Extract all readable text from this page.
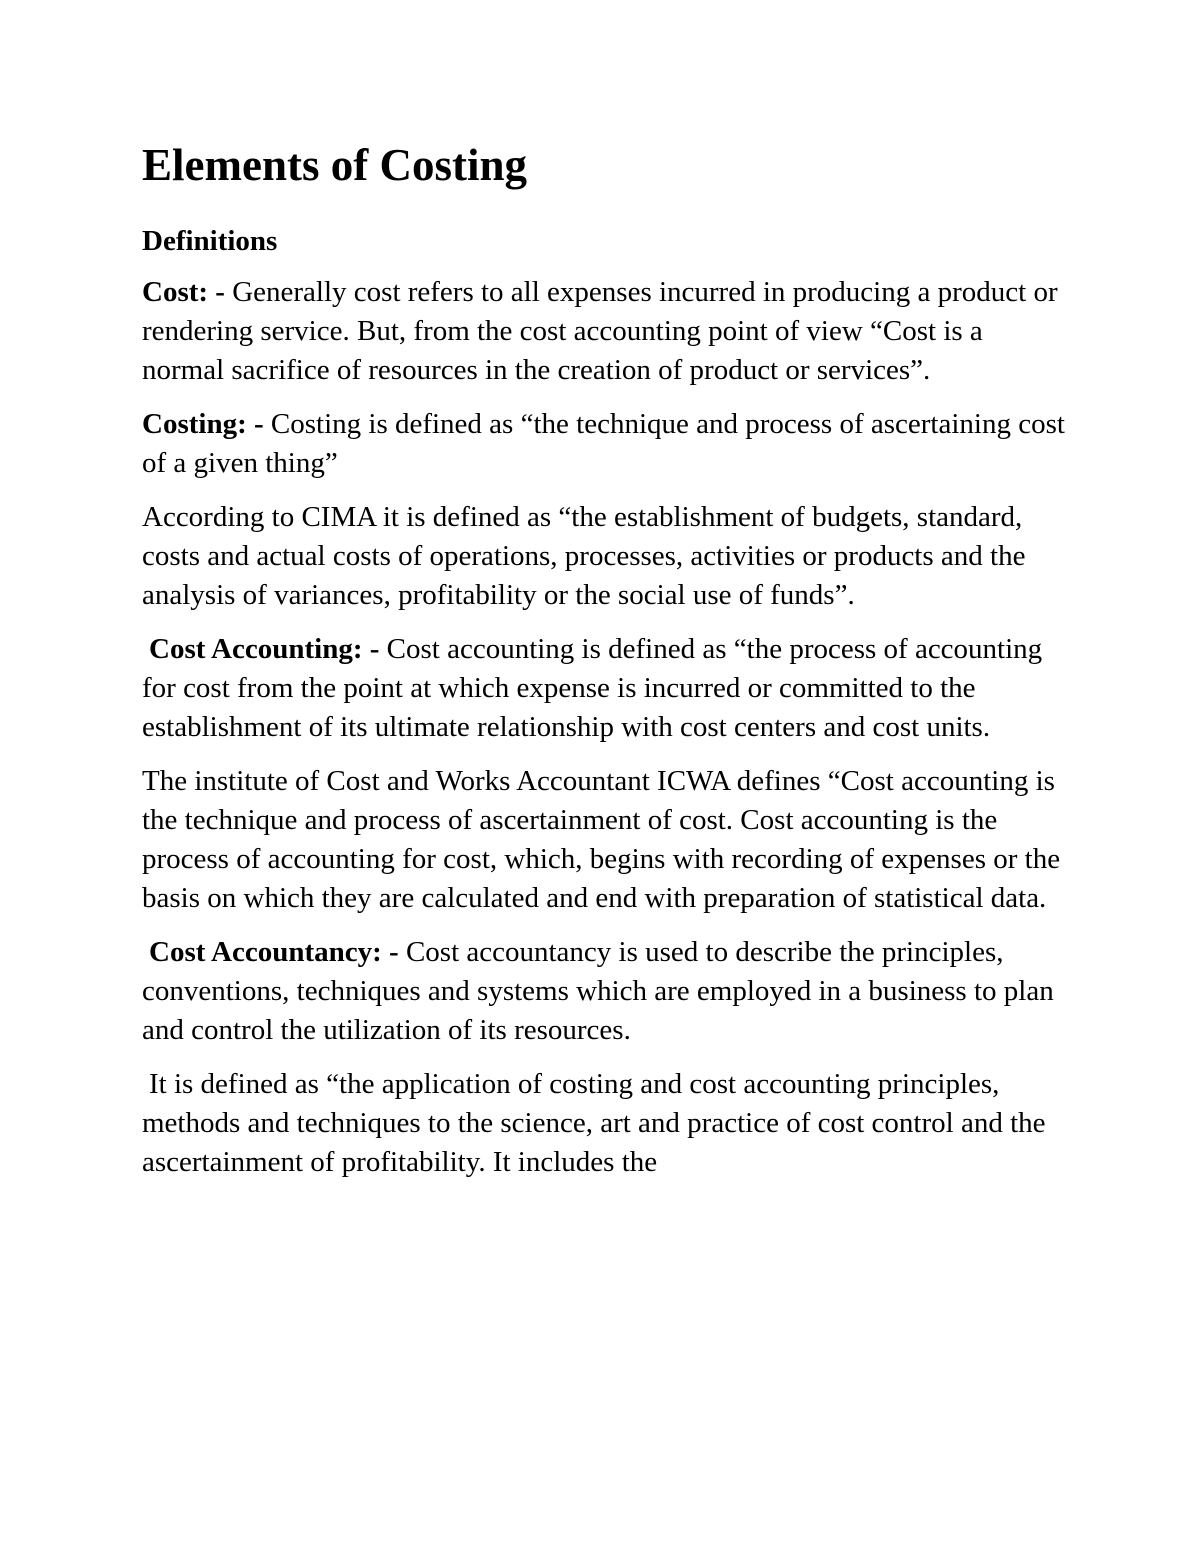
Elements of Costing
Definitions

Cost: - Generally cost refers to all expenses incurred in producing a product or rendering service. But, from the cost accounting point of view “Cost is a normal sacrifice of resources in the creation of product or services”.

Costing: - Costing is defined as “the technique and process of ascertaining cost of a given thing”

According to CIMA it is defined as “the establishment of budgets, standard, costs and actual costs of operations, processes, activities or products and the analysis of variances, profitability or the social use of funds”.

Cost Accounting: - Cost accounting is defined as “the process of accounting for cost from the point at which expense is incurred or committed to the establishment of its ultimate relationship with cost centers and cost units.

The institute of Cost and Works Accountant ICWA defines “Cost accounting is the technique and process of ascertainment of cost. Cost accounting is the process of accounting for cost, which, begins with recording of expenses or the basis on which they are calculated and end with preparation of statistical data.

Cost Accountancy: - Cost accountancy is used to describe the principles, conventions, techniques and systems which are employed in a business to plan and control the utilization of its resources.

It is defined as “the application of costing and cost accounting principles, methods and techniques to the science, art and practice of cost control and the ascertainment of profitability. It includes the
